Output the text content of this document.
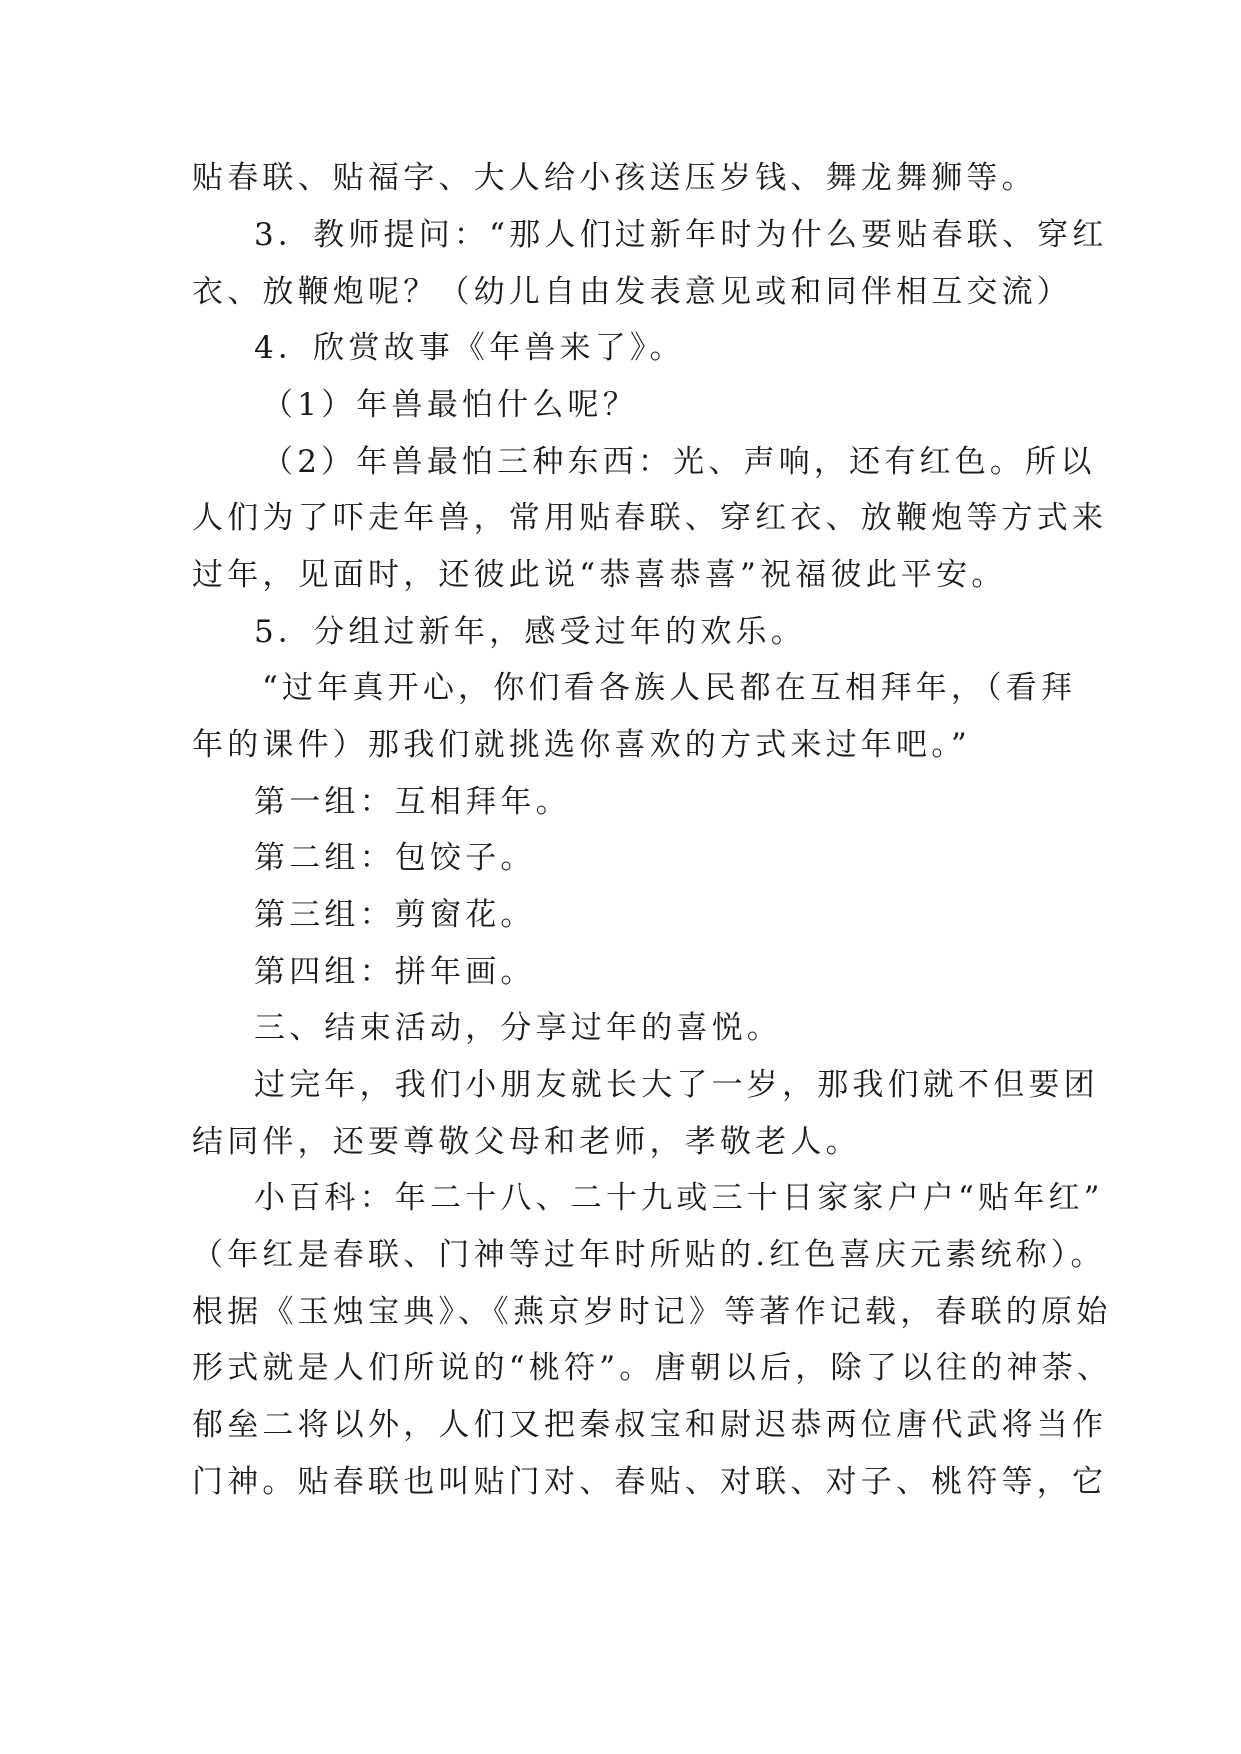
贴春联、贴福字、大人给小孩送压岁钱、舞龙舞狮等。
3．教师提问：“那人们过新年时为什么要贴春联、穿红
衣、放鞭炮呢？（幼儿自由发表意见或和同伴相互交流）
4．欣赏故事《年兽来了》。
（1）年兽最怕什么呢？
（2）年兽最怕三种东西：光、声响，还有红色。所以
人们为了吓走年兽，常用贴春联、穿红衣、放鞭炮等方式来
过年，见面时，还彼此说“恭喜恭喜”祝福彼此平安。
5．分组过新年，感受过年的欢乐。
“过年真开心，你们看各族人民都在互相拜年，（看拜
年的课件）那我们就挑选你喜欢的方式来过年吧。”
第一组：互相拜年。
第二组：包饺子。
第三组：剪窗花。
第四组：拼年画。
三、结束活动，分享过年的喜悦。
过完年，我们小朋友就长大了一岁，那我们就不但要团
结同伴，还要尊敬父母和老师，孝敬老人。
小百科：年二十八、二十九或三十日家家户户“贴年红”
（年红是春联、门神等过年时所贴的.红色喜庆元素统称）。
根据《玉烛宝典》、《燕京岁时记》等著作记载，春联的原始
形式就是人们所说的“桃符”。唐朝以后，除了以往的神荼、
郁垒二将以外，人们又把秦叔宝和尉迟恭两位唐代武将当作
门神。贴春联也叫贴门对、春贴、对联、对子、桃符等，它
